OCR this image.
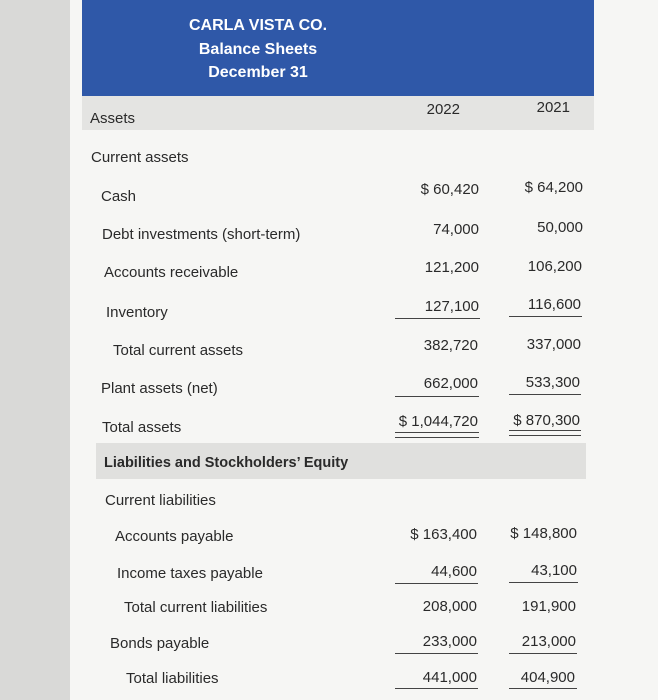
CARLA VISTA CO.
Balance Sheets
December 31
Assets
2022	2021
Current assets
Cash	$ 60,420	$ 64,200
Debt investments (short-term)	74,000	50,000
Accounts receivable	121,200	106,200
Inventory	127,100	116,600
Total current assets	382,720	337,000
Plant assets (net)	662,000	533,300
Total assets	$ 1,044,720	$ 870,300
Liabilities and Stockholders’ Equity
Current liabilities
Accounts payable	$ 163,400	$ 148,800
Income taxes payable	44,600	43,100
Total current liabilities	208,000	191,900
Bonds payable	233,000	213,000
Total liabilities	441,000	404,900
